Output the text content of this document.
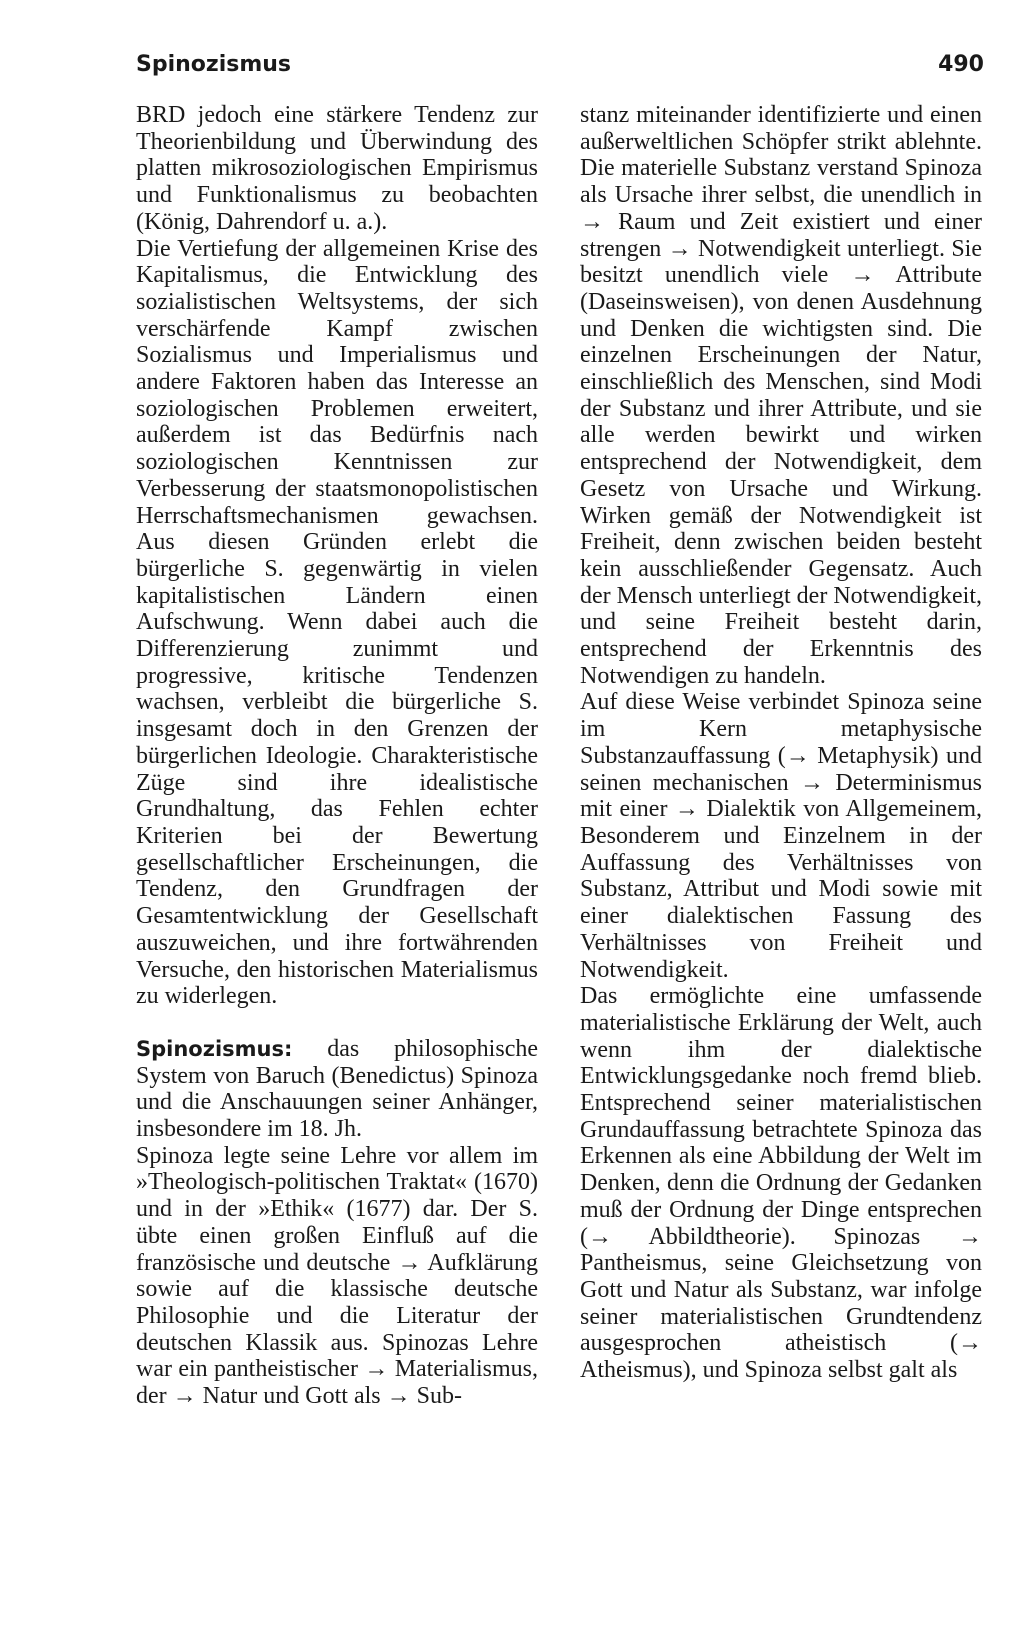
Spinozismus	490

BRD jedoch eine stärkere Tendenz zur Theorienbildung und Überwindung des platten mikrosoziologischen Empirismus und Funktionalismus zu beobachten (König, Dahrendorf u. a.).

Die Vertiefung der allgemeinen Krise des Kapitalismus, die Entwicklung des sozialistischen Weltsystems, der sich verschärfende Kampf zwischen Sozialismus und Imperialismus und andere Faktoren haben das Interesse an soziologischen Problemen erweitert, außerdem ist das Bedürfnis nach soziologischen Kenntnissen zur Verbesserung der staatsmonopolistischen Herrschaftsmechanismen gewachsen. Aus diesen Gründen erlebt die bürgerliche S. gegenwärtig in vielen kapitalistischen Ländern einen Aufschwung. Wenn dabei auch die Differenzierung zunimmt und progressive, kritische Tendenzen wachsen, verbleibt die bürgerliche S. insgesamt doch in den Grenzen der bürgerlichen Ideologie. Charakteristische Züge sind ihre idealistische Grundhaltung, das Fehlen echter Kriterien bei der Bewertung gesellschaftlicher Erscheinungen, die Tendenz, den Grundfragen der Gesamtentwicklung der Gesellschaft auszuweichen, und ihre fortwährenden Versuche, den historischen Materialismus zu widerlegen.

Spinozismus: das philosophische System von Baruch (Benedictus) Spinoza und die Anschauungen seiner Anhänger, insbesondere im 18. Jh.

Spinoza legte seine Lehre vor allem im »Theologisch-politischen Traktat« (1670) und in der »Ethik« (1677) dar. Der S. übte einen großen Einfluß auf die französische und deutsche → Aufklärung sowie auf die klassische deutsche Philosophie und die Literatur der deutschen Klassik aus. Spinozas Lehre war ein pantheistischer → Materialismus, der → Natur und Gott als → Sub-

stanz miteinander identifizierte und einen außerweltlichen Schöpfer strikt ablehnte. Die materielle Substanz verstand Spinoza als Ursache ihrer selbst, die unendlich in → Raum und Zeit existiert und einer strengen → Notwendigkeit unterliegt. Sie besitzt unendlich viele → Attribute (Daseinsweisen), von denen Ausdehnung und Denken die wichtigsten sind. Die einzelnen Erscheinungen der Natur, einschließlich des Menschen, sind Modi der Substanz und ihrer Attribute, und sie alle werden bewirkt und wirken entsprechend der Notwendigkeit, dem Gesetz von Ursache und Wirkung. Wirken gemäß der Notwendigkeit ist Freiheit, denn zwischen beiden besteht kein ausschließender Gegensatz. Auch der Mensch unterliegt der Notwendigkeit, und seine Freiheit besteht darin, entsprechend der Erkenntnis des Notwendigen zu handeln.

Auf diese Weise verbindet Spinoza seine im Kern metaphysische Substanzauffassung (→ Metaphysik) und seinen mechanischen → Determinismus mit einer → Dialektik von Allgemeinem, Besonderem und Einzelnem in der Auffassung des Verhältnisses von Substanz, Attribut und Modi sowie mit einer dialektischen Fassung des Verhältnisses von Freiheit und Notwendigkeit.

Das ermöglichte eine umfassende materialistische Erklärung der Welt, auch wenn ihm der dialektische Entwicklungsgedanke noch fremd blieb. Entsprechend seiner materialistischen Grundauffassung betrachtete Spinoza das Erkennen als eine Abbildung der Welt im Denken, denn die Ordnung der Gedanken muß der Ordnung der Dinge entsprechen (→ Abbildtheorie). Spinozas → Pantheismus, seine Gleichsetzung von Gott und Natur als Substanz, war infolge seiner materialistischen Grundtendenz ausgesprochen atheistisch (→ Atheismus), und Spinoza selbst galt als
